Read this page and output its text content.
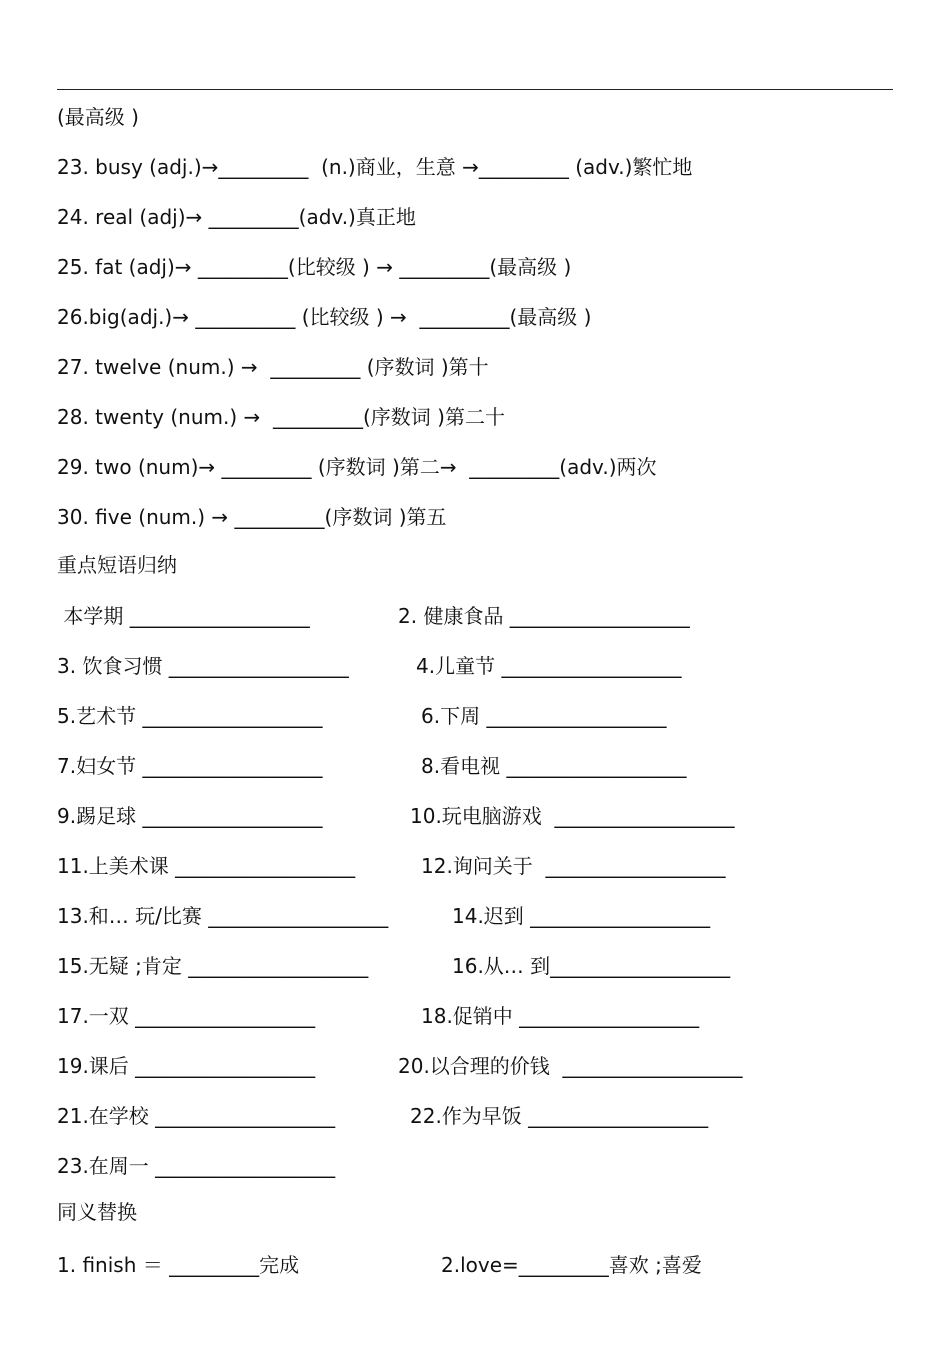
(最高级 )
23. busy (adj.)→_________  (n.)商业，生意 →_________ (adv.)繁忙地
24. real (adj)→ _________(adv.)真正地
25. fat (adj)→ _________(比较级 ) → _________(最高级 )
26.big(adj.)→ __________ (比较级 ) →  _________(最高级 )
27. twelve (num.) →  _________ (序数词 )第十
28. twenty (num.) →  _________(序数词 )第二十
29. two (num)→ _________ (序数词 )第二→  _________(adv.)两次
30. five (num.) → _________(序数词 )第五
重点短语归纳
本学期 __________________
3. 饮食习惯 __________________
5.艺术节 __________________
7.妇女节 __________________
9.踢足球 __________________
11.上美术课 __________________
13.和… 玩/比赛 __________________
15.无疑 ;肯定 __________________
17.一双 __________________
19.课后 __________________
21.在学校 __________________
23.在周一 __________________
2. 健康食品 __________________
4.儿童节 __________________
6.下周 __________________
8.看电视 __________________
10.玩电脑游戏  __________________
12.询问关于  __________________
14.迟到 __________________
16.从… 到__________________
18.促销中 __________________
20.以合理的价钱  __________________
22.作为早饭 __________________
同义替换
1. finish ＝ _________完成	2.love=_________喜欢 ;喜爱
